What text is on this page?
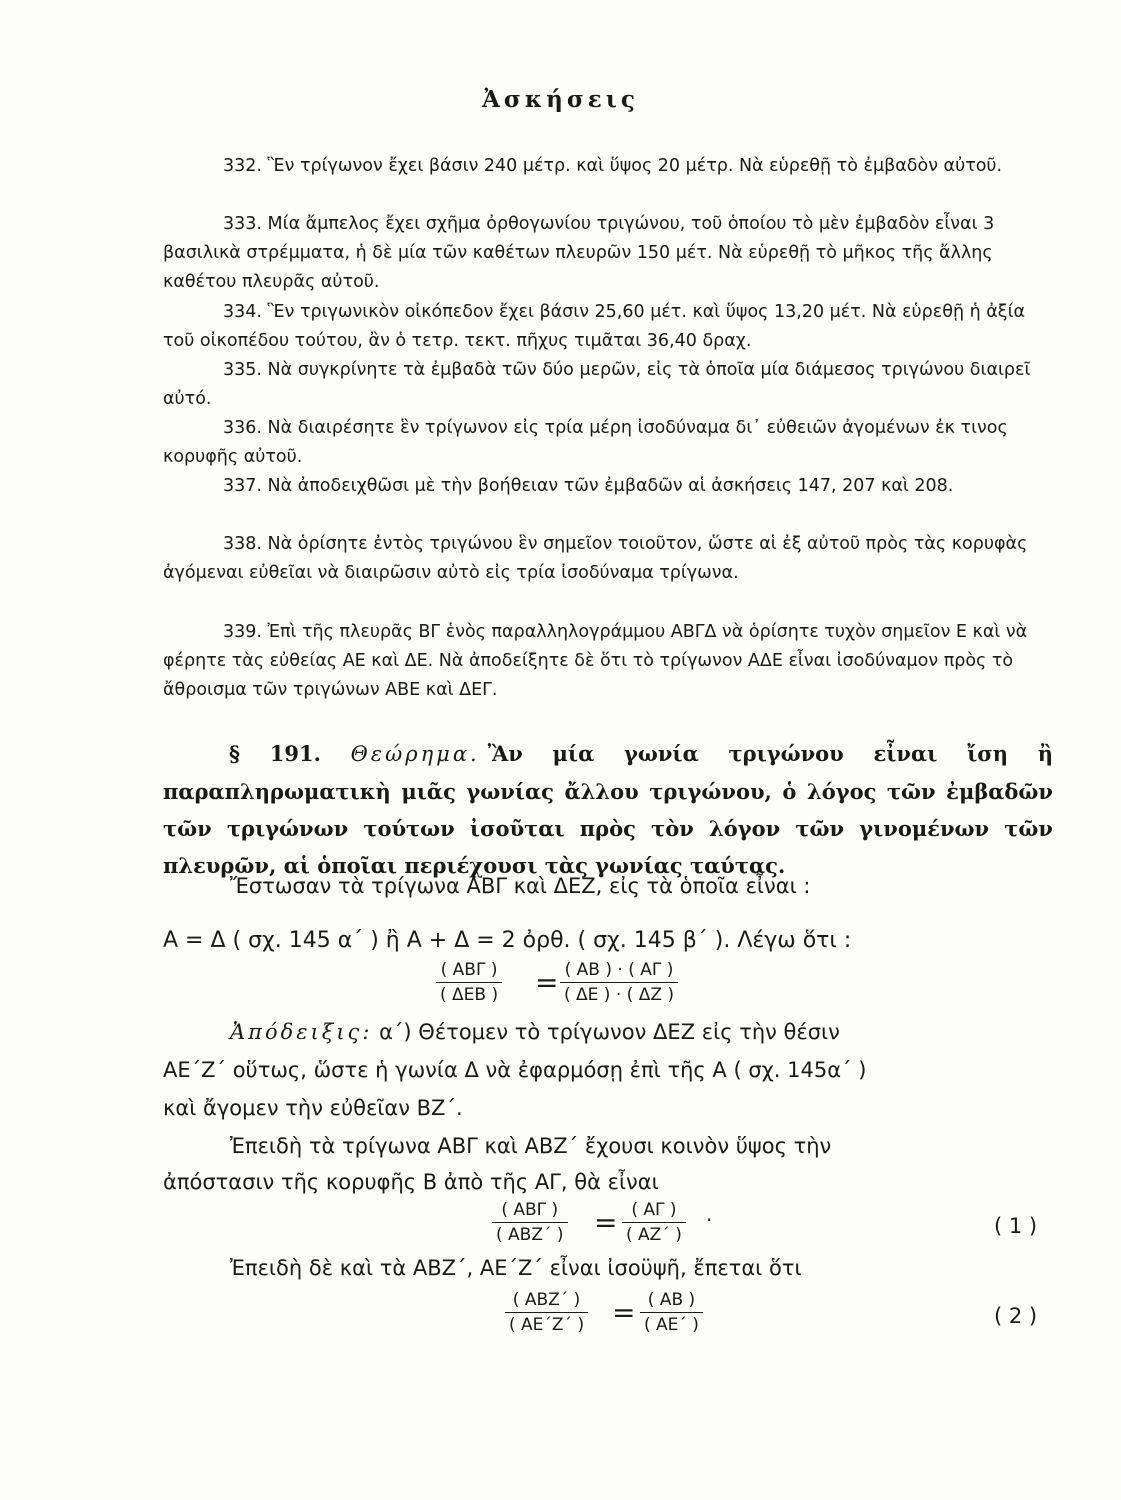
Ἀσκήσεις
332. Ἓν τρίγωνον ἔχει βάσιν 240 μέτρ. καὶ ὕψος 20 μέτρ. Νὰ εὑρεθῇ τὸ ἐμβαδὸν αὐτοῦ.
333. Μία ἄμπελος ἔχει σχῆμα ὀρθογωνίου τριγώνου, τοῦ ὁποίου τὸ μὲν ἐμβαδὸν εἶναι 3 βασιλικὰ στρέμματα, ἡ δὲ μία τῶν καθέτων πλευρῶν 150 μέτ. Νὰ εὑρεθῇ τὸ μῆκος τῆς ἄλλης καθέτου πλευρᾶς αὐτοῦ.
334. Ἓν τριγωνικὸν οἰκόπεδον ἔχει βάσιν 25,60 μέτ. καὶ ὕψος 13,20 μέτ. Νὰ εὑρεθῇ ἡ ἀξία τοῦ οἰκοπέδου τούτου, ἂν ὁ τετρ. τεκτ. πῆχυς τιμᾶται 36,40 δραχ.
335. Νὰ συγκρίνητε τὰ ἐμβαδὰ τῶν δύο μερῶν, εἰς τὰ ὁποῖα μία διάμεσος τριγώνου διαιρεῖ αὐτό.
336. Νὰ διαιρέσητε ἓν τρίγωνον εἰς τρία μέρη ἰσοδύναμα δι᾽ εὐθειῶν ἀγομένων ἐκ τινος κορυφῆς αὐτοῦ.
337. Νὰ ἀποδειχθῶσι μὲ τὴν βοήθειαν τῶν ἐμβαδῶν αἱ ἀσκήσεις 147, 207 καὶ 208.
338. Νὰ ὁρίσητε ἐντὸς τριγώνου ἓν σημεῖον τοιοῦτον, ὥστε αἱ ἐξ αὐτοῦ πρὸς τὰς κορυφὰς ἀγόμεναι εὐθεῖαι νὰ διαιρῶσιν αὐτὸ εἰς τρία ἰσοδύναμα τρίγωνα.
339. Ἐπὶ τῆς πλευρᾶς ΒΓ ἑνὸς παραλληλογράμμου ΑΒΓΔ νὰ ὁρίσητε τυχὸν σημεῖον Ε καὶ νὰ φέρητε τὰς εὐθείας ΑΕ καὶ ΔΕ. Νὰ ἀποδείξητε δὲ ὅτι τὸ τρίγωνον ΑΔΕ εἶναι ἰσοδύναμον πρὸς τὸ ἄθροισμα τῶν τριγώνων ΑΒΕ καὶ ΔΕΓ.
§ 191. Θεώρημα. Ἂν μία γωνία τριγώνου εἶναι ἴση ἢ παραπληρωματικὴ μιᾶς γωνίας ἄλλου τριγώνου, ὁ λόγος τῶν ἐμβαδῶν τῶν τριγώνων τούτων ἰσοῦται πρὸς τὸν λόγον τῶν γινομένων τῶν πλευρῶν, αἱ ὁποῖαι περιέχουσι τὰς γωνίας ταύτας.
Ἔστωσαν τὰ τρίγωνα ΑΒΓ καὶ ΔΕΖ, εἰς τὰ ὁποῖα εἶναι :
Α = Δ ( σχ. 145 α΄ ) ἢ Α + Δ = 2 ὀρθ. ( σχ. 145 β΄ ). Λέγω ὅτι :
( ΑΒΓ )
( ΔΕΒ ) = $\frac{( AB ) \cdot ( A\Gamma )}{( \Delta E ) \cdot ( \Delta Z )}$
Ἀπόδειξις: α΄) Θέτομεν τὸ τρίγωνον ΔΕΖ εἰς τὴν θέσιν
ΑΕ΄Ζ΄ οὕτως, ὥστε ἡ γωνία Δ νὰ ἐφαρμόσῃ ἐπὶ τῆς Α ( σχ. 145α΄ )
καὶ ἄγομεν τὴν εὐθεῖαν ΒΖ΄.
Ἐπειδὴ τὰ τρίγωνα ΑΒΓ καὶ ΑΒΖ΄ ἔχουσι κοινὸν ὕψος τὴν
ἀπόστασιν τῆς κορυφῆς Β ἀπὸ τῆς ΑΓ, θὰ εἶναι
( ΑΒΓ )
( ΑΒΖ΄ ) = $\frac{( A\Gamma )}{( AZ΄ )}$ ·	( 1 )
Ἐπειδὴ δὲ καὶ τὰ ΑΒΖ΄, ΑΕ΄Ζ΄ εἶναι ἰσοϋψῆ, ἔπεται ὅτι
( ΑΒΖ΄ )
( ΑΕ΄Ζ΄ ) = $\frac{( AB )}{( AE΄ )}$	( 2 )
